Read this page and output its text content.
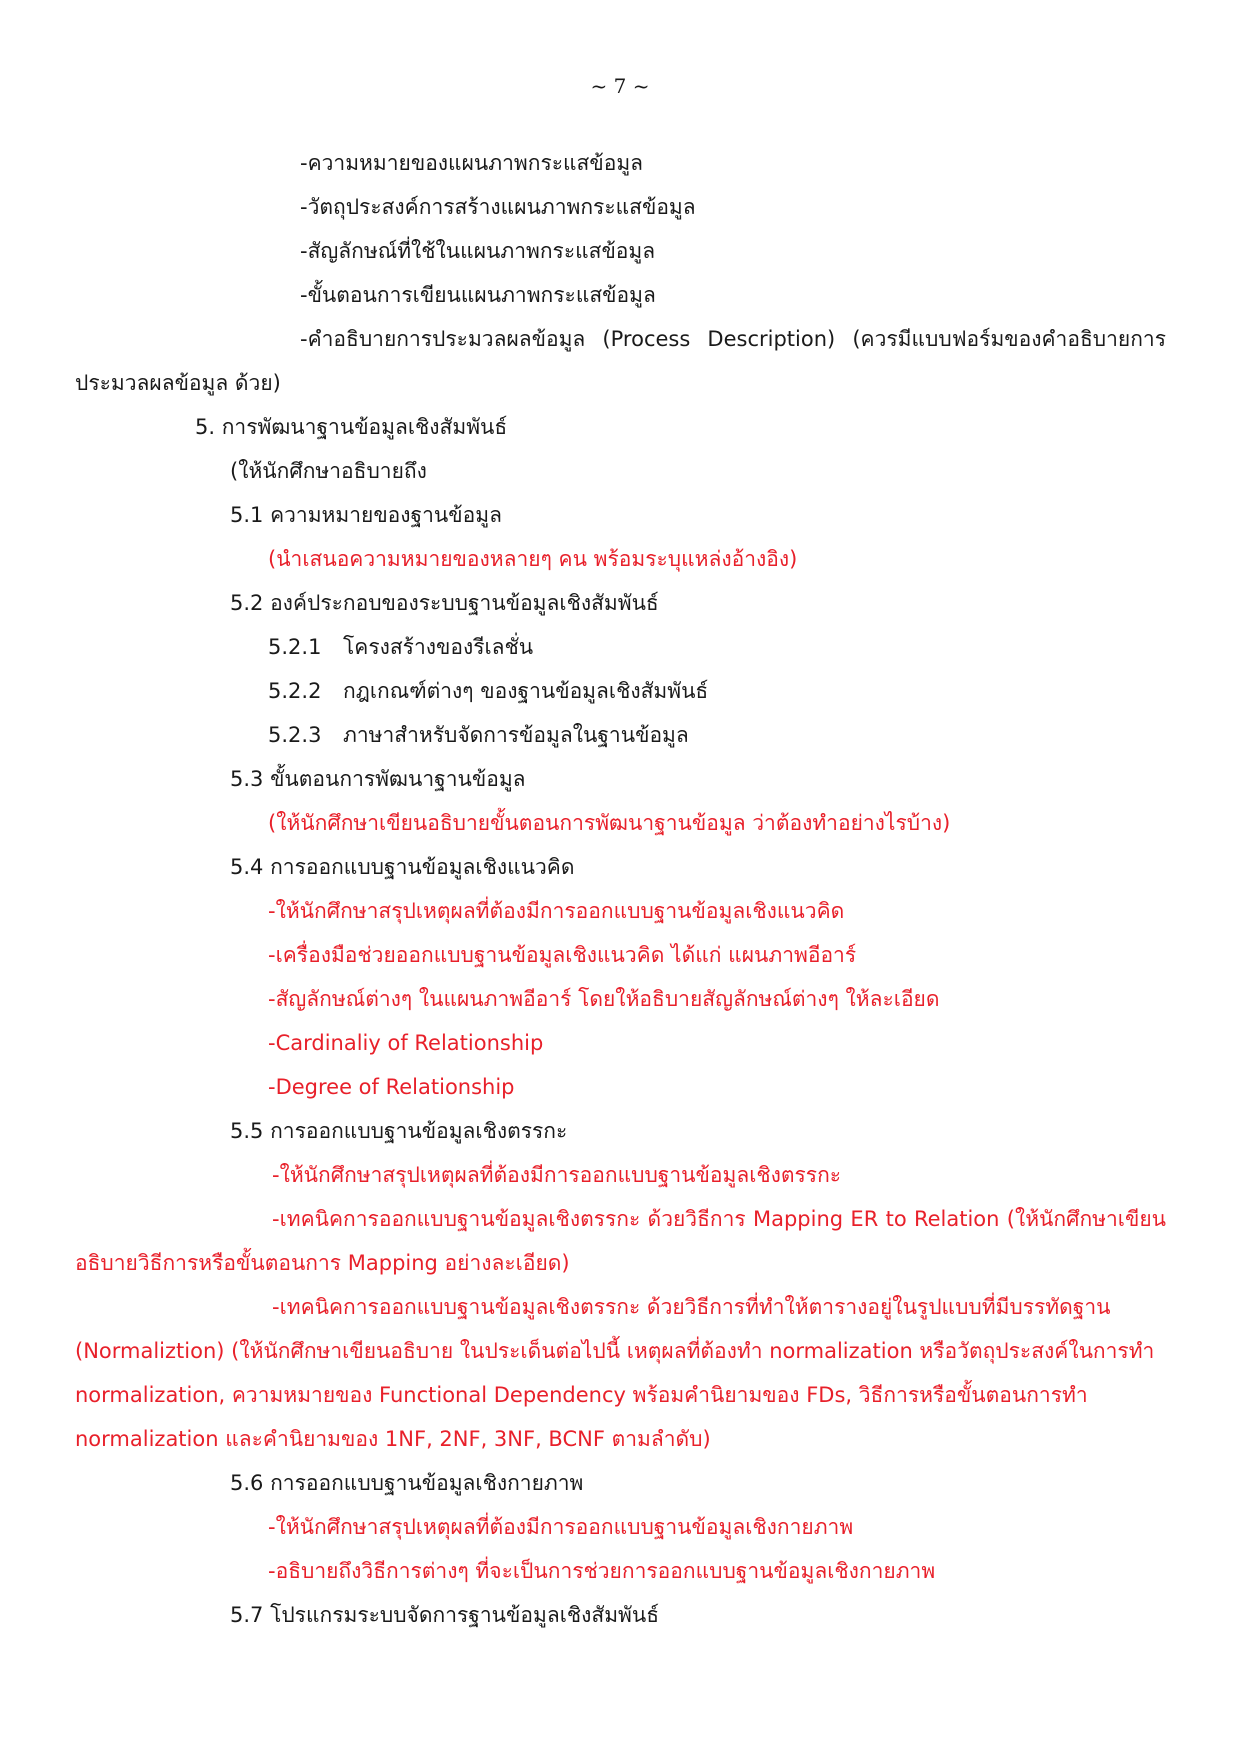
~ 7 ~
-ความหมายของแผนภาพกระแสข้อมูล
-วัตถุประสงค์การสร้างแผนภาพกระแสข้อมูล
-สัญลักษณ์ที่ใช้ในแผนภาพกระแสข้อมูล
-ขั้นตอนการเขียนแผนภาพกระแสข้อมูล
-คำอธิบายการประมวลผลข้อมูล (Process Description) (ควรมีแบบฟอร์มของคำอธิบายการ
ประมวลผลข้อมูล ด้วย)
5. การพัฒนาฐานข้อมูลเชิงสัมพันธ์
(ให้นักศึกษาอธิบายถึง
5.1 ความหมายของฐานข้อมูล
(นำเสนอความหมายของหลายๆ คน พร้อมระบุแหล่งอ้างอิง)
5.2 องค์ประกอบของระบบฐานข้อมูลเชิงสัมพันธ์
5.2.1 โครงสร้างของรีเลชั่น
5.2.2 กฎเกณฑ์ต่างๆ ของฐานข้อมูลเชิงสัมพันธ์
5.2.3 ภาษาสำหรับจัดการข้อมูลในฐานข้อมูล
5.3 ขั้นตอนการพัฒนาฐานข้อมูล
(ให้นักศึกษาเขียนอธิบายขั้นตอนการพัฒนาฐานข้อมูล ว่าต้องทำอย่างไรบ้าง)
5.4 การออกแบบฐานข้อมูลเชิงแนวคิด
-ให้นักศึกษาสรุปเหตุผลที่ต้องมีการออกแบบฐานข้อมูลเชิงแนวคิด
-เครื่องมือช่วยออกแบบฐานข้อมูลเชิงแนวคิด ได้แก่ แผนภาพอีอาร์
-สัญลักษณ์ต่างๆ ในแผนภาพอีอาร์ โดยให้อธิบายสัญลักษณ์ต่างๆ ให้ละเอียด
-Cardinaliy of Relationship
-Degree of Relationship
5.5 การออกแบบฐานข้อมูลเชิงตรรกะ
-ให้นักศึกษาสรุปเหตุผลที่ต้องมีการออกแบบฐานข้อมูลเชิงตรรกะ
-เทคนิคการออกแบบฐานข้อมูลเชิงตรรกะ ด้วยวิธีการ Mapping ER to Relation (ให้นักศึกษาเขียน
อธิบายวิธีการหรือขั้นตอนการ Mapping อย่างละเอียด)
-เทคนิคการออกแบบฐานข้อมูลเชิงตรรกะ ด้วยวิธีการที่ทำให้ตารางอยู่ในรูปแบบที่มีบรรทัดฐาน
(Normaliztion) (ให้นักศึกษาเขียนอธิบาย ในประเด็นต่อไปนี้ เหตุผลที่ต้องทำ normalization หรือวัตถุประสงค์ในการทำ
normalization, ความหมายของ Functional Dependency พร้อมคำนิยามของ FDs, วิธีการหรือขั้นตอนการทำ
normalization และคำนิยามของ 1NF, 2NF, 3NF, BCNF ตามลำดับ)
5.6 การออกแบบฐานข้อมูลเชิงกายภาพ
-ให้นักศึกษาสรุปเหตุผลที่ต้องมีการออกแบบฐานข้อมูลเชิงกายภาพ
-อธิบายถึงวิธีการต่างๆ ที่จะเป็นการช่วยการออกแบบฐานข้อมูลเชิงกายภาพ
5.7 โปรแกรมระบบจัดการฐานข้อมูลเชิงสัมพันธ์
